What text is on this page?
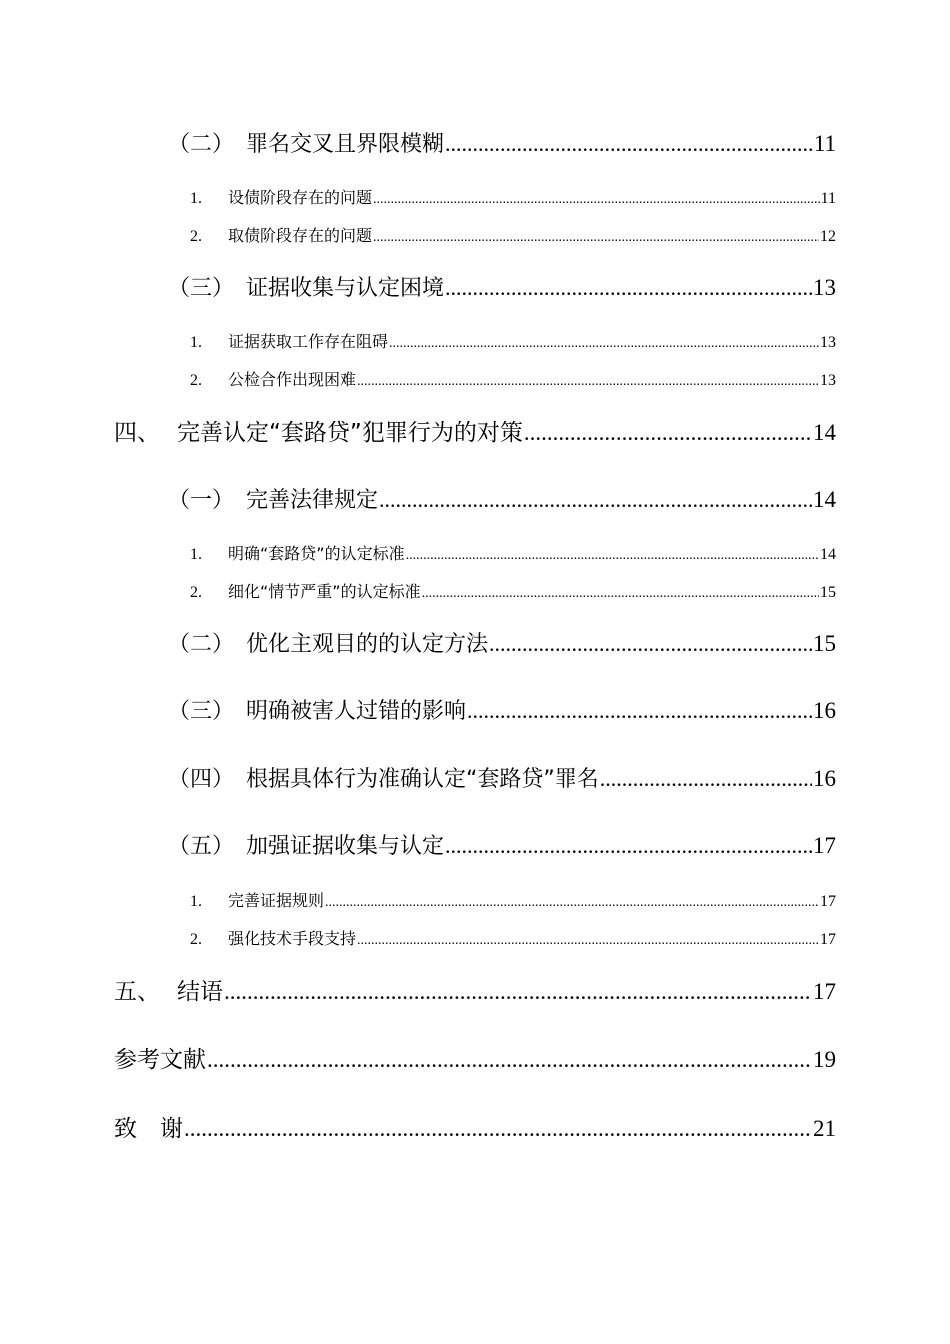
（二） 罪名交叉且界限模糊 .....	11
1.	设债阶段存在的问题 .....	11
2.	取债阶段存在的问题 .....	12
（三） 证据收集与认定困境 .....	13
1.	证据获取工作存在阻碍 .....	13
2.	公检合作出现困难 .....	13
四、 完善认定“套路贷”犯罪行为的对策 .....	14
（一） 完善法律规定 .....	14
1.	明确“套路贷”的认定标准 .....	14
2.	细化“情节严重”的认定标准 .....	15
（二） 优化主观目的的认定方法 .....	15
（三） 明确被害人过错的影响 .....	16
（四） 根据具体行为准确认定“套路贷”罪名 .....	16
（五） 加强证据收集与认定 .....	17
1.	完善证据规则 .....	17
2.	强化技术手段支持 .....	17
五、 结语 .....	17
参考文献 .....	19
致　谢 .....	21
